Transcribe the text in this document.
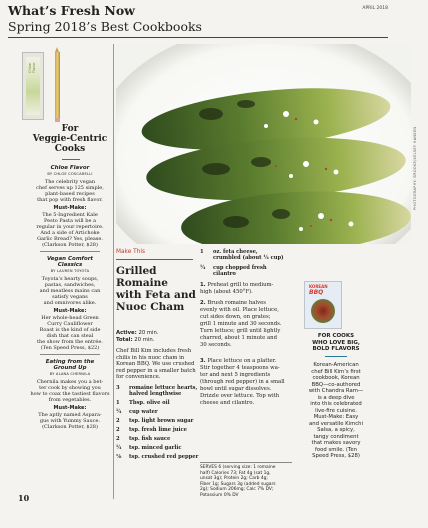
What’s Fresh Now
Spring 2018’s Best Cookbooks
APRIL 2018
Chloe Flavor
For
Veggie-Centric
Cooks
Chloe Flavor
BY CHLOE COSCARELLI
The celebrity vegan
chef serves up 125 simple,
plant-based recipes
that pop with fresh flavor.
Must-Make:
The 5-Ingredient Kale
Pesto Pasta will be a
regular in your repertoire.
And a side of Artichoke
Garlic Bread? Yes, please.
(Clarkson Potter, $28)
Vegan Comfort
Classics
BY LAUREN TOYOTA
Toyota’s hearty soups,
pastas, sandwiches,
and meatless mains can
satisfy vegans
and omnivores alike.
Must-Make:
Her whole-head Green
Curry Cauliflower
Roast is the kind of side
dish that can steal
the show from the entrée.
(Ten Speed Press, $22)
Eating from the
Ground Up
BY ALANA CHERNILA
Chernila makes you a bet-
ter cook by showing you
how to coax the tastiest flavors
from vegetables.
Must-Make:
The aptly named Aspara-
gus with Yummy Sauce.
(Clarkson Potter, $28)
PHOTOGRAPHY: BROOKE/KELSEY HANSEN
Make This
Grilled Romaine
with Feta and
Nuoc Cham
Active: 20 min.
Total: 20 min.
Chef Bill Kim includes fresh
chilis in his nuoc cham in
Korean BBQ. We use crushed
red pepper in a smaller batch
for convenience.
3	romaine lettuce hearts, halved lengthwise
1	Tbsp. olive oil
¼	cup water
2	tsp. light brown sugar
2	tsp. fresh lime juice
2	tsp. fish sauce
¼	tsp. minced garlic
⅛	tsp. crushed red pepper
1	oz. feta cheese, crumbled (about ¼ cup)
¼	cup chopped fresh cilantro
1. Preheat grill to medium-
high (about 450°F).
2. Brush romaine halves
evenly with oil. Place lettuce,
cut sides down, on grates;
grill 1 minute and 30 seconds.
Turn lettuce; grill until lightly
charred, about 1 minute and
30 seconds.
3. Place lettuce on a platter.
Stir together 4 teaspoons wa-
ter and next 5 ingredients
(through red pepper) in a small
bowl until sugar dissolves.
Drizzle over lettuce. Top with
cheese and cilantro.
SERVES 6 (serving size: 1 romaine
half) Calories 73; Fat 4g (sat 1g,
unsat 3g); Protein 2g; Carb 4g;
Fiber 1g; Sugars 3g (added sugars
2g); Sodium 206mg; Calc 7% DV;
Potassium 0% DV
KOREAN
BBQ
FOR COOKS
WHO LOVE BIG,
BOLD FLAVORS
Korean-American
chef Bill Kim’s first
cookbook, Korean
BBQ—co-authored
with Chandra Ram—
is a deep dive
into this celebrated
live-fire cuisine.
Must-Make: Easy
and versatile Kimchi
Salsa, a spicy,
tangy condiment
that makes savory
food smile. (Ten
Speed Press, $28)
10
